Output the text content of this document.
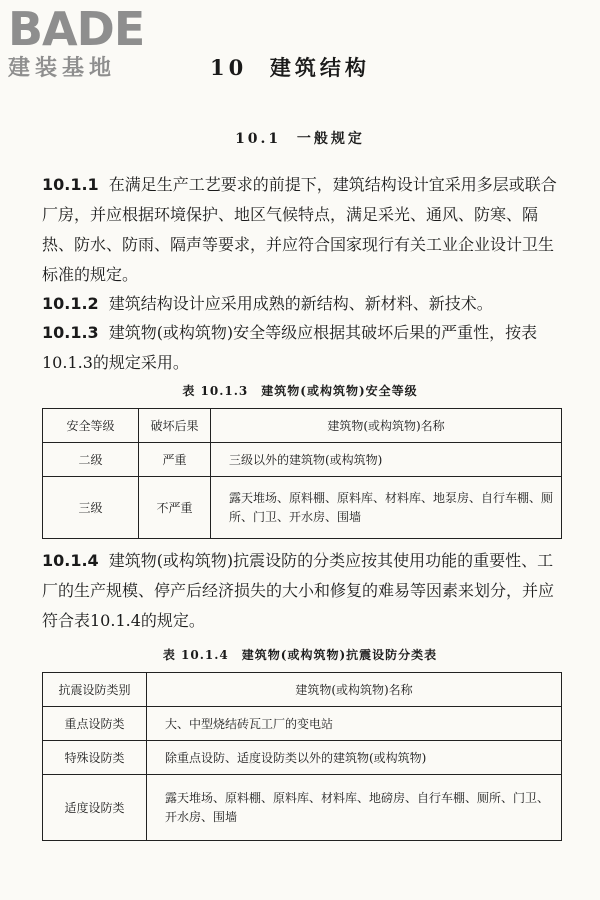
BADE
建装基地	10 建筑结构
10.1 一般规定
10.1.1 在满足生产工艺要求的前提下，建筑结构设计宜采用多层或联合厂房，并应根据环境保护、地区气候特点，满足采光、通风、防寒、隔热、防水、防雨、隔声等要求，并应符合国家现行有关工业企业设计卫生标准的规定。
10.1.2 建筑结构设计应采用成熟的新结构、新材料、新技术。
10.1.3 建筑物(或构筑物)安全等级应根据其破坏后果的严重性，按表10.1.3的规定采用。
表 10.1.3　建筑物(或构筑物)安全等级
安全等级	破坏后果	建筑物(或构筑物)名称
二级	严重	三级以外的建筑物(或构筑物)
三级	不严重	露天堆场、原料棚、原料库、材料库、地泵房、自行车棚、厕所、门卫、开水房、围墙
10.1.4 建筑物(或构筑物)抗震设防的分类应按其使用功能的重要性、工厂的生产规模、停产后经济损失的大小和修复的难易等因素来划分，并应符合表10.1.4的规定。
表 10.1.4　建筑物(或构筑物)抗震设防分类表
抗震设防类别	建筑物(或构筑物)名称
重点设防类	大、中型烧结砖瓦工厂的变电站
特殊设防类	除重点设防、适度设防类以外的建筑物(或构筑物)
适度设防类	露天堆场、原料棚、原料库、材料库、地磅房、自行车棚、厕所、门卫、开水房、围墙
